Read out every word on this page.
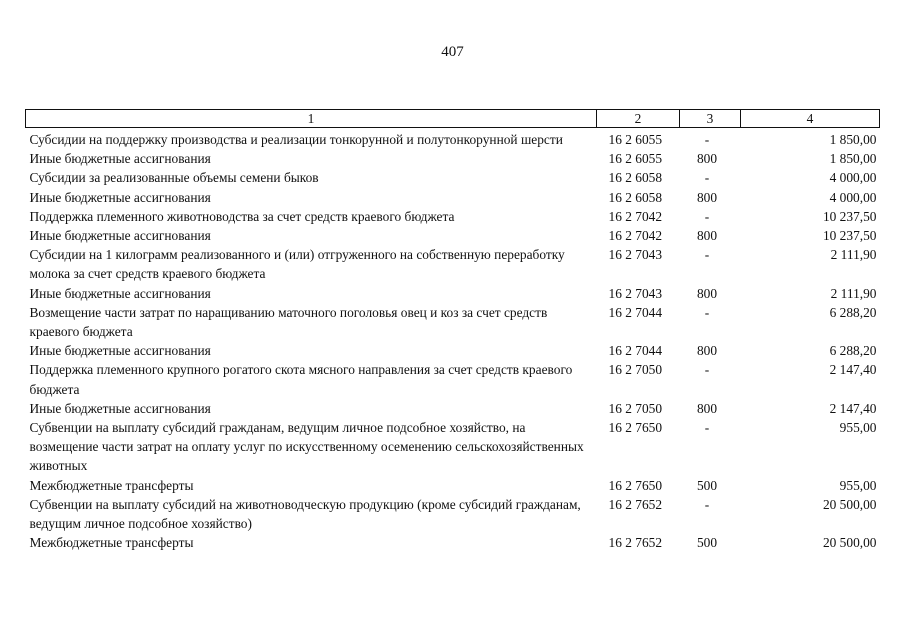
407
1	2	3	4
Субсидии на поддержку производства и реализации тонкорунной и полутонкорунной шерсти	16 2 6055	-	1 850,00
Иные бюджетные ассигнования	16 2 6055	800	1 850,00
Субсидии за реализованные объемы семени быков	16 2 6058	-	4 000,00
Иные бюджетные ассигнования	16 2 6058	800	4 000,00
Поддержка племенного животноводства за счет средств краевого бюджета	16 2 7042	-	10 237,50
Иные бюджетные ассигнования	16 2 7042	800	10 237,50
Субсидии на 1 килограмм реализованного и (или) отгруженного на собственную переработку молока за счет средств краевого бюджета	16 2 7043	-	2 111,90
Иные бюджетные ассигнования	16 2 7043	800	2 111,90
Возмещение части затрат по наращиванию маточного поголовья овец и коз за счет средств краевого бюджета	16 2 7044	-	6 288,20
Иные бюджетные ассигнования	16 2 7044	800	6 288,20
Поддержка племенного крупного рогатого скота мясного направления за счет средств краевого бюджета	16 2 7050	-	2 147,40
Иные бюджетные ассигнования	16 2 7050	800	2 147,40
Субвенции на выплату субсидий гражданам, ведущим личное подсобное хозяйство, на возмещение части затрат на оплату услуг по искусственному осеменению сельскохозяйственных животных	16 2 7650	-	955,00
Межбюджетные трансферты	16 2 7650	500	955,00
Субвенции на выплату субсидий на животноводческую продукцию (кроме субсидий гражданам, ведущим личное подсобное хозяйство)	16 2 7652	-	20 500,00
Межбюджетные трансферты	16 2 7652	500	20 500,00
